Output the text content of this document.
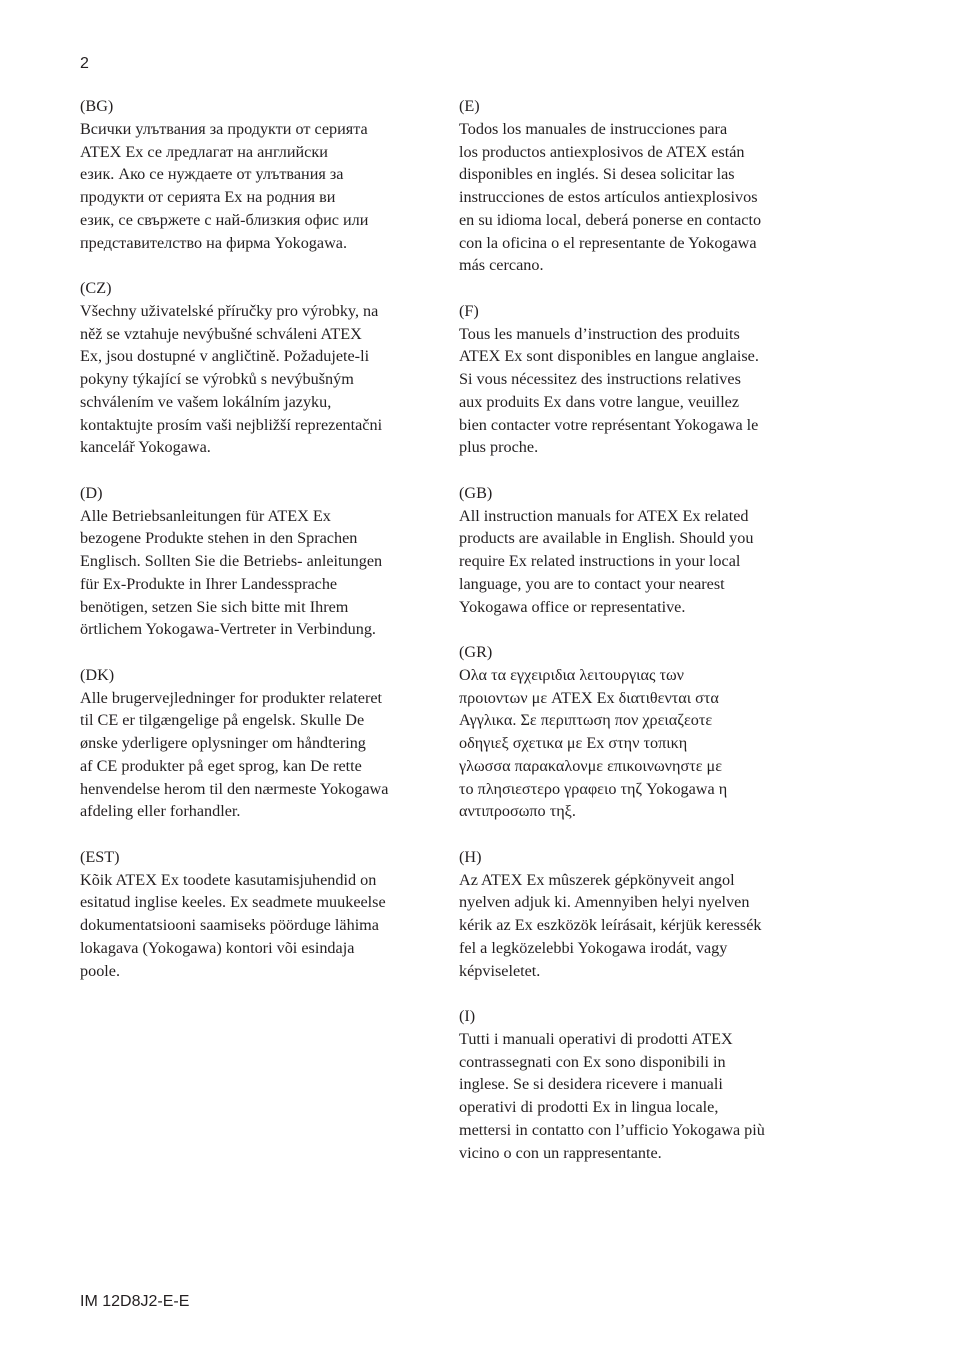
2
(BG)
Всички улътвания за продукти от серията
ATEX Ex се лредлагат на английски
език. Ако се нуждаете от улътвания за
продукти от серията Ex на родния ви
език, се свържете с най-близкия офис или
представителство на фирма Yokogawa.
(CZ)
Všechny uživatelské příručky pro výrobky, na
něž se vztahuje nevýbušné schváleni ATEX
Ex, jsou dostupné v angličtině. Požadujete-li
pokyny týkající se výrobků s nevýbušným
schválením ve vašem lokálním jazyku,
kontaktujte prosím vaši nejbližší reprezentačni
kancelář Yokogawa.
(D)
Alle Betriebsanleitungen für ATEX Ex
bezogene Produkte stehen in den Sprachen
Englisch. Sollten Sie die Betriebs- anleitungen
für Ex-Produkte in Ihrer Landessprache
benötigen, setzen Sie sich bitte mit Ihrem
örtlichem Yokogawa-Vertreter in Verbindung.
(DK)
Alle brugervejledninger for produkter relateret
til CE er tilgængelige på engelsk. Skulle De
ønske yderligere oplysninger om håndtering
af CE produkter på eget sprog, kan De rette
henvendelse herom til den nærmeste Yokogawa
afdeling eller forhandler.
(EST)
Kõik ATEX Ex toodete kasutamisjuhendid on
esitatud inglise keeles. Ex seadmete muukeelse
dokumentatsiooni saamiseks pöörduge lähima
lokagava (Yokogawa) kontori või esindaja
poole.
(E)
Todos los manuales de instrucciones para
los productos antiexplosivos de ATEX están
disponibles en inglés. Si desea solicitar las
instrucciones de estos artículos antiexplosivos
en su idioma local, deberá ponerse en contacto
con la oficina o el representante de Yokogawa
más cercano.
(F)
Tous les manuels d’instruction des produits
ATEX Ex sont disponibles en langue anglaise.
Si vous nécessitez des instructions relatives
aux produits Ex dans votre langue, veuillez
bien contacter votre représentant Yokogawa le
plus proche.
(GB)
All instruction manuals for ATEX Ex related
products are available in English. Should you
require Ex related instructions in your local
language, you are to contact your nearest
Yokogawa office or representative.
(GR)
Ολα τα εγχειριδια λειτουργιας των
προιοντων με ATEX Ex διατιθενται στα
Αγγλικα. Σε περιπτωση πον χρειαζεοτε
οδηγιεξ σχετικα με Ex στην τοπικη
γλωσσα παρακαλονμε επικοινωνηστε με
το πλησιεστερο γραφειο τηζ Yokogawa η
αντιπροσωπο τηξ.
(H)
Az ATEX Ex mûszerek gépkönyveit angol
nyelven adjuk ki. Amennyiben helyi nyelven
kérik az Ex eszközök leírásait, kérjük keressék
fel a legközelebbi Yokogawa irodát, vagy
képviseletet.
(I)
Tutti i manuali operativi di prodotti ATEX
contrassegnati con Ex sono disponibili in
inglese. Se si desidera ricevere i manuali
operativi di prodotti Ex in lingua locale,
mettersi in contatto con l’ufficio Yokogawa più
vicino o con un rappresentante.
IM 12D8J2-E-E
